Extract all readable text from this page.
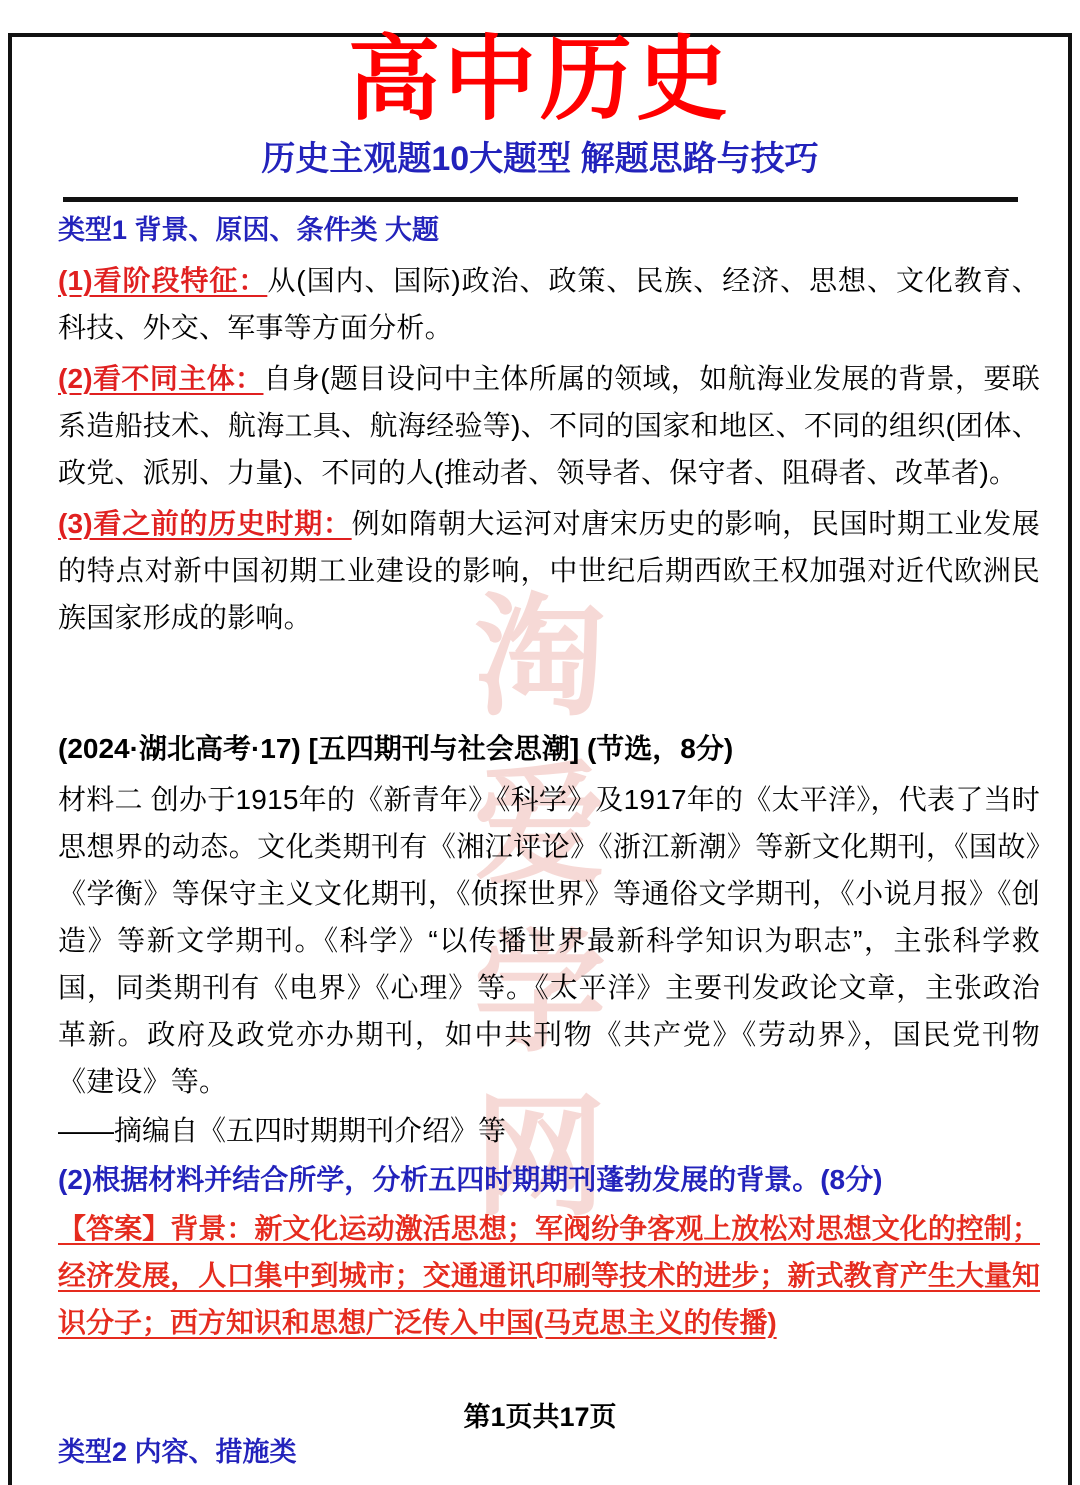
淘
爱
学
网
高中历史
历史主观题10大题型 解题思路与技巧

类型1 背景、原因、条件类 大题

(1)看阶段特征：从(国内、国际)政治、政策、民族、经济、思想、文化教育、科技、外交、军事等方面分析。

(2)看不同主体：自身(题目设问中主体所属的领域，如航海业发展的背景，要联系造船技术、航海工具、航海经验等)、不同的国家和地区、不同的组织(团体、政党、派别、力量)、不同的人(推动者、领导者、保守者、阻碍者、改革者)。

(3)看之前的历史时期：例如隋朝大运河对唐宋历史的影响，民国时期工业发展的特点对新中国初期工业建设的影响，中世纪后期西欧王权加强对近代欧洲民族国家形成的影响。

(2024·湖北高考·17) [五四期刊与社会思潮] (节选，8分)

材料二 创办于1915年的《新青年》《科学》及1917年的《太平洋》，代表了当时思想界的动态。文化类期刊有《湘江评论》《浙江新潮》等新文化期刊，《国故》《学衡》等保守主义文化期刊，《侦探世界》等通俗文学期刊，《小说月报》《创造》等新文学期刊。《科学》“以传播世界最新科学知识为职志”，主张科学救国，同类期刊有《电界》《心理》等。《太平洋》主要刊发政论文章，主张政治革新。政府及政党亦办期刊，如中共刊物《共产党》《劳动界》，国民党刊物《建设》等。

——摘编自《五四时期期刊介绍》等

(2)根据材料并结合所学，分析五四时期期刊蓬勃发展的背景。(8分)

【答案】背景：新文化运动激活思想；军阀纷争客观上放松对思想文化的控制；经济发展，人口集中到城市；交通通讯印刷等技术的进步；新式教育产生大量知识分子；西方知识和思想广泛传入中国(马克思主义的传播)

类型2 内容、措施类

第1页共17页
